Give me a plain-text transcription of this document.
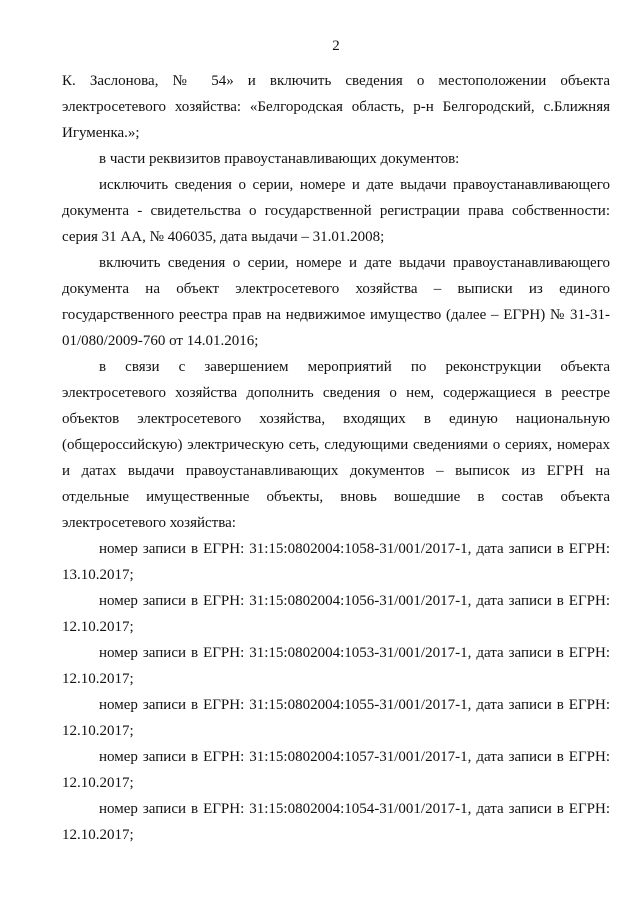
2

К. Заслонова, № 54» и включить сведения о местоположении объекта электросетевого хозяйства: «Белгородская область, р-н Белгородский, с.Ближняя Игуменка.»;

в части реквизитов правоустанавливающих документов:

исключить сведения о серии, номере и дате выдачи правоустанавливающего документа - свидетельства о государственной регистрации права собственности: серия 31 АА, № 406035, дата выдачи – 31.01.2008;

включить сведения о серии, номере и дате выдачи правоустанавливающего документа на объект электросетевого хозяйства – выписки из единого государственного реестра прав на недвижимое имущество (далее – ЕГРН) № 31-31-01/080/2009-760 от 14.01.2016;

в связи с завершением мероприятий по реконструкции объекта электросетевого хозяйства дополнить сведения о нем, содержащиеся в реестре объектов электросетевого хозяйства, входящих в единую национальную (общероссийскую) электрическую сеть, следующими сведениями о сериях, номерах и датах выдачи правоустанавливающих документов – выписок из ЕГРН на отдельные имущественные объекты, вновь вошедшие в состав объекта электросетевого хозяйства:

номер записи в ЕГРН: 31:15:0802004:1058-31/001/2017-1, дата записи в ЕГРН: 13.10.2017;

номер записи в ЕГРН: 31:15:0802004:1056-31/001/2017-1, дата записи в ЕГРН: 12.10.2017;

номер записи в ЕГРН: 31:15:0802004:1053-31/001/2017-1, дата записи в ЕГРН: 12.10.2017;

номер записи в ЕГРН: 31:15:0802004:1055-31/001/2017-1, дата записи в ЕГРН: 12.10.2017;

номер записи в ЕГРН: 31:15:0802004:1057-31/001/2017-1, дата записи в ЕГРН: 12.10.2017;

номер записи в ЕГРН: 31:15:0802004:1054-31/001/2017-1, дата записи в ЕГРН: 12.10.2017;
